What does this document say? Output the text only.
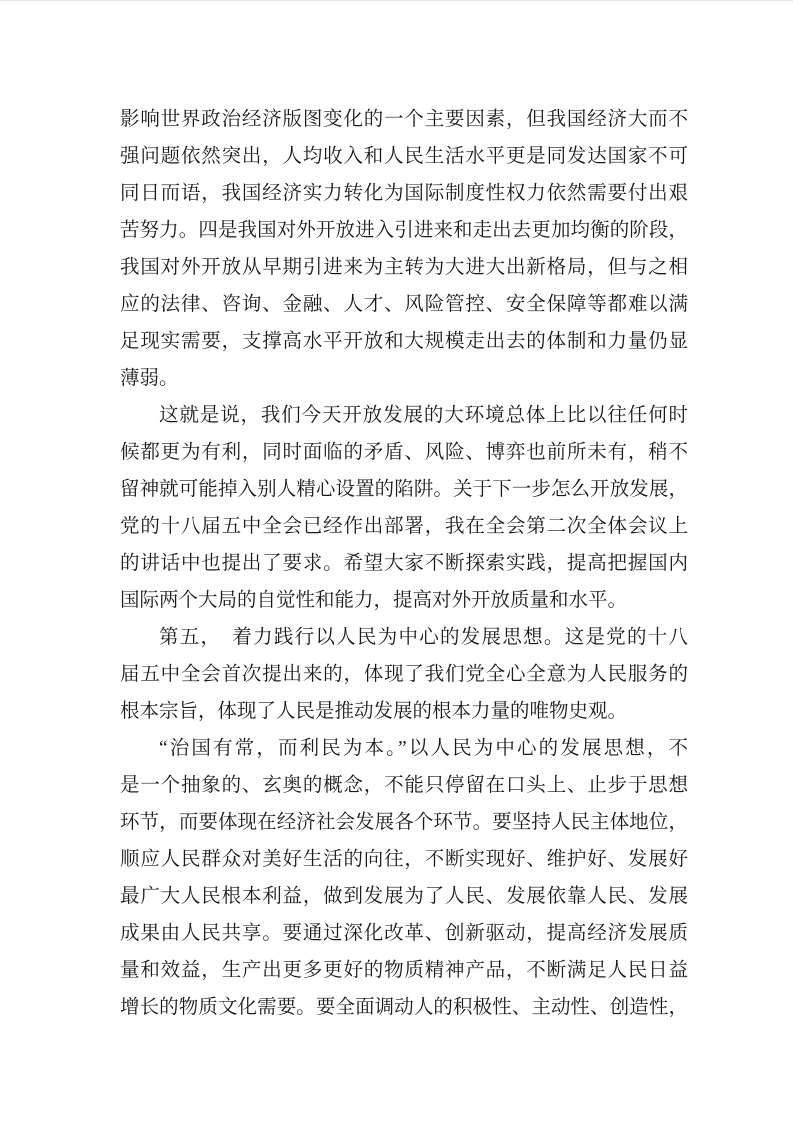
影响世界政治经济版图变化的一个主要因素，但我国经济大而不
强问题依然突出，人均收入和人民生活水平更是同发达国家不可
同日而语，我国经济实力转化为国际制度性权力依然需要付出艰
苦努力。四是我国对外开放进入引进来和走出去更加均衡的阶段，
我国对外开放从早期引进来为主转为大进大出新格局，但与之相
应的法律、咨询、金融、人才、风险管控、安全保障等都难以满
足现实需要，支撑高水平开放和大规模走出去的体制和力量仍显
薄弱。
这就是说，我们今天开放发展的大环境总体上比以往任何时
候都更为有利，同时面临的矛盾、风险、博弈也前所未有，稍不
留神就可能掉入别人精心设置的陷阱。关于下一步怎么开放发展，
党的十八届五中全会已经作出部署，我在全会第二次全体会议上
的讲话中也提出了要求。希望大家不断探索实践，提高把握国内
国际两个大局的自觉性和能力，提高对外开放质量和水平。
第五，　着力践行以人民为中心的发展思想。这是党的十八
届五中全会首次提出来的，体现了我们党全心全意为人民服务的
根本宗旨，体现了人民是推动发展的根本力量的唯物史观。
“治国有常，而利民为本。”以人民为中心的发展思想，不
是一个抽象的、玄奥的概念，不能只停留在口头上、止步于思想
环节，而要体现在经济社会发展各个环节。要坚持人民主体地位，
顺应人民群众对美好生活的向往，不断实现好、维护好、发展好
最广大人民根本利益，做到发展为了人民、发展依靠人民、发展
成果由人民共享。要通过深化改革、创新驱动，提高经济发展质
量和效益，生产出更多更好的物质精神产品，不断满足人民日益
增长的物质文化需要。要全面调动人的积极性、主动性、创造性，
